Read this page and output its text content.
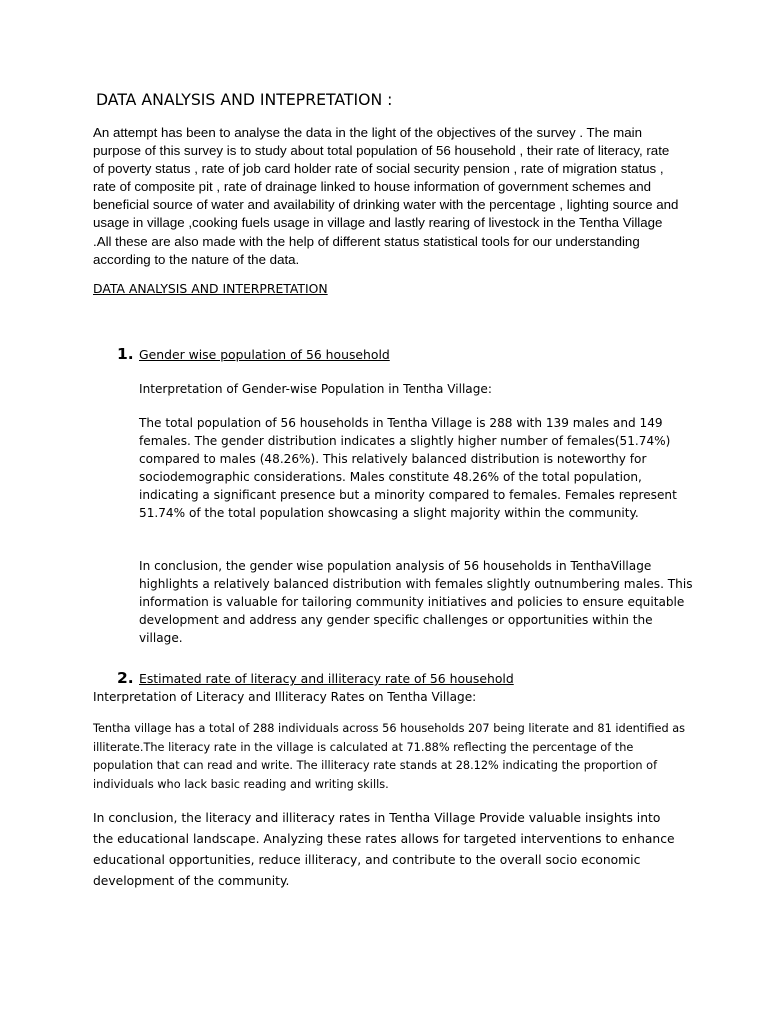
DATA ANALYSIS AND INTEPRETATION :

An attempt has been to analyse the data in the light of the objectives of the survey . The main purpose of this survey is to study about total population of 56 household , their rate of literacy, rate of poverty status , rate of job card holder rate of social security pension , rate of migration status , rate of composite pit , rate of drainage linked to house information of government schemes and beneficial source of water and availability of drinking water with the percentage , lighting source and usage in village ,cooking fuels usage in village and lastly rearing of livestock in the Tentha Village .All these are also made with the help of different status statistical tools for our understanding according to the nature of the data.

DATA ANALYSIS AND INTERPRETATION
1. Gender wise population of 56 household

Interpretation of Gender-wise Population in Tentha Village:

The total population of 56 households in Tentha Village is 288 with 139 males and 149 females. The gender distribution indicates a slightly higher number of females(51.74%) compared to males (48.26%). This relatively balanced distribution is noteworthy for sociodemographic considerations. Males constitute 48.26% of the total population, indicating a significant presence but a minority compared to females. Females represent 51.74% of the total population showcasing a slight majority within the community.

In conclusion, the gender wise population analysis of 56 households in TenthaVillage highlights a relatively balanced distribution with females slightly outnumbering males. This information is valuable for tailoring community initiatives and policies to ensure equitable development and address any gender specific challenges or opportunities within the village.

2. Estimated rate of literacy and illiteracy rate of 56 household

Interpretation of Literacy and Illiteracy Rates on Tentha Village:

Tentha village has a total of 288 individuals across 56 households 207 being literate and 81 identified as illiterate.The literacy rate in the village is calculated at 71.88% reflecting the percentage of the population that can read and write. The illiteracy rate stands at 28.12% indicating the proportion of individuals who lack basic reading and writing skills.

In conclusion, the literacy and illiteracy rates in Tentha Village Provide valuable insights into the educational landscape. Analyzing these rates allows for targeted interventions to enhance educational opportunities, reduce illiteracy, and contribute to the overall socio economic development of the community.
